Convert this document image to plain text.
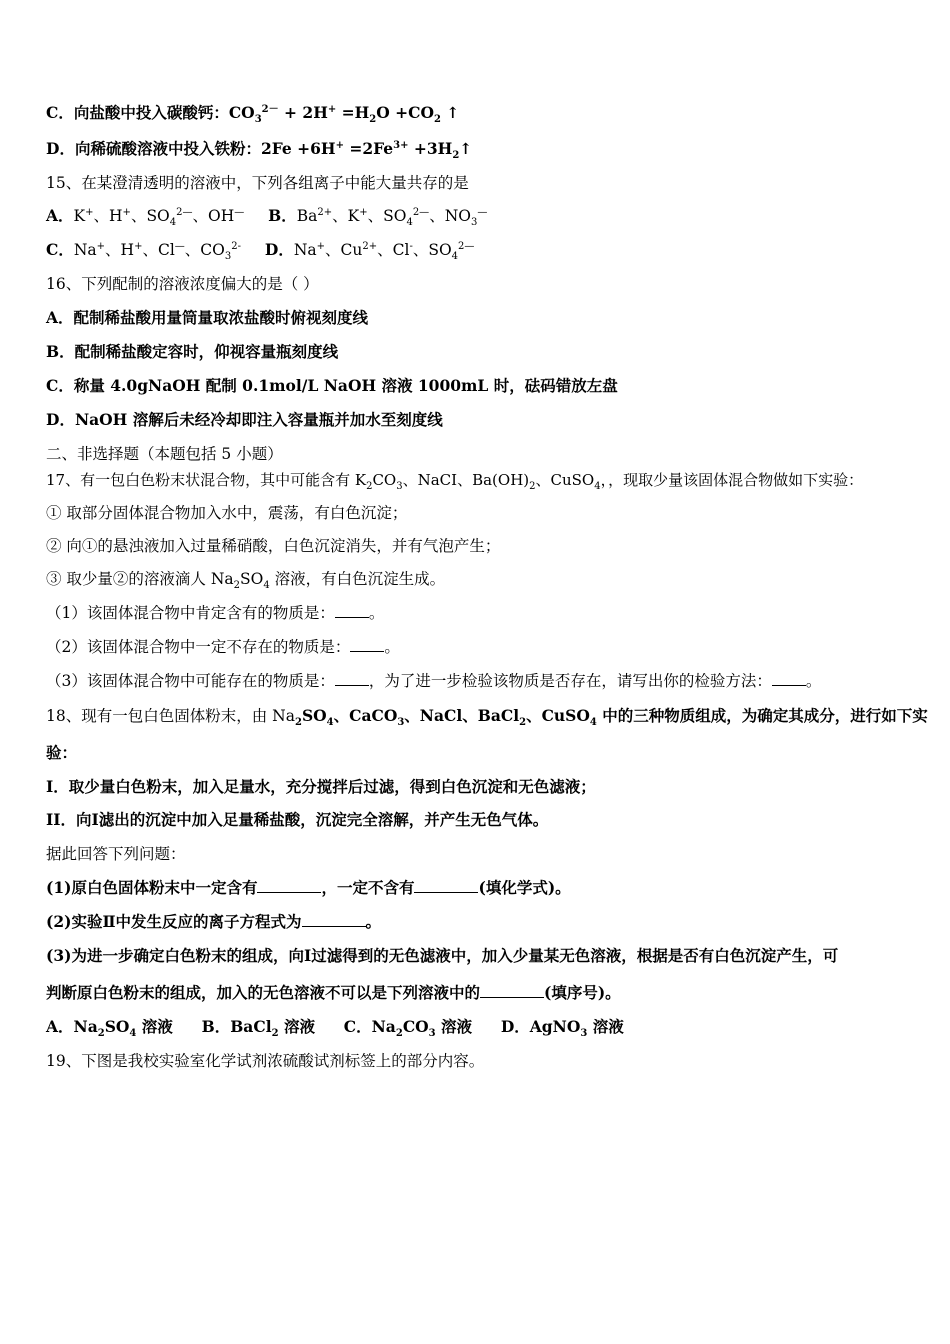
C．向盐酸中投入碳酸钙：$CO_3^{2-} + 2H^+ =H_2O +CO_2$ ↑
D．向稀硫酸溶液中投入铁粉：$2Fe +6H^+ =2Fe^{3+}$ $+3H_2↑$
15、在某澄清透明的溶液中，下列各组离子中能大量共存的是
A．K+、H+、$SO_4^{2—}$、OH— B．$Ba^{2+}$、K+、$SO_4^{2—}$、$NO_3^—$
C．Na+、H+、Cl—、$CO_3^{2-}$ D．Na+、$Cu^{2+}$、Cl-、$SO_4^{2—}$
16、下列配制的溶液浓度偏大的是（ ）
A．配制稀盐酸用量筒量取浓盐酸时俯视刻度线
B．配制稀盐酸定容时，仰视容量瓶刻度线
C．称量 4.0gNaOH 配制 0.1mol/L NaOH 溶液 1000mL 时，砝码错放左盘
D．NaOH 溶解后未经冷却即注入容量瓶并加水至刻度线
二、非选择题（本题包括 5 小题）
17、有一包白色粉末状混合物，其中可能含有 $K_2CO_3$、NaCI、$Ba(OH)_2$、CuSO$_4$，，现取少量该固体混合物做如下实验：
① 取部分固体混合物加入水中，震荡，有白色沉淀；
② 向①的悬浊液加入过量稀硝酸，白色沉淀消失，并有气泡产生；
③ 取少量②的溶液滴人 $Na_2SO_4$ 溶液，有白色沉淀生成。
（1）该固体混合物中肯定含有的物质是： 。
（2）该固体混合物中一定不存在的物质是： 。
（3）该固体混合物中可能存在的物质是： ，为了进一步检验该物质是否存在，请写出你的检验方法： 。
18、现有一包白色固体粉末，由 $Na_2SO_4$、CaCO$_3$、NaCl、BaCl$_2$、CuSO$_4$ 中的三种物质组成，为确定其成分，进行如下实
验：
I．取少量白色粉末，加入足量水，充分搅拌后过滤，得到白色沉淀和无色滤液；
II．向Ⅰ滤出的沉淀中加入足量稀盐酸，沉淀完全溶解，并产生无色气体。
据此回答下列问题：
(1)原白色固体粉末中一定含有	，一定不含有	(填化学式)。
(2)实验Ⅱ中发生反应的离子方程式为	。
(3)为进一步确定白色粉末的组成，向Ⅰ过滤得到的无色滤液中，加入少量某无色溶液，根据是否有白色沉淀产生，可
判断原白色粉末的组成，加入的无色溶液不可以是下列溶液中的	(填序号)。
A．$Na_2SO_4$ 溶液 B．BaCl$_2$ 溶液 C．$Na_2CO_3$ 溶液 D．AgNO$_3$ 溶液
19、下图是我校实验室化学试剂浓硫酸试剂标签上的部分内容。
